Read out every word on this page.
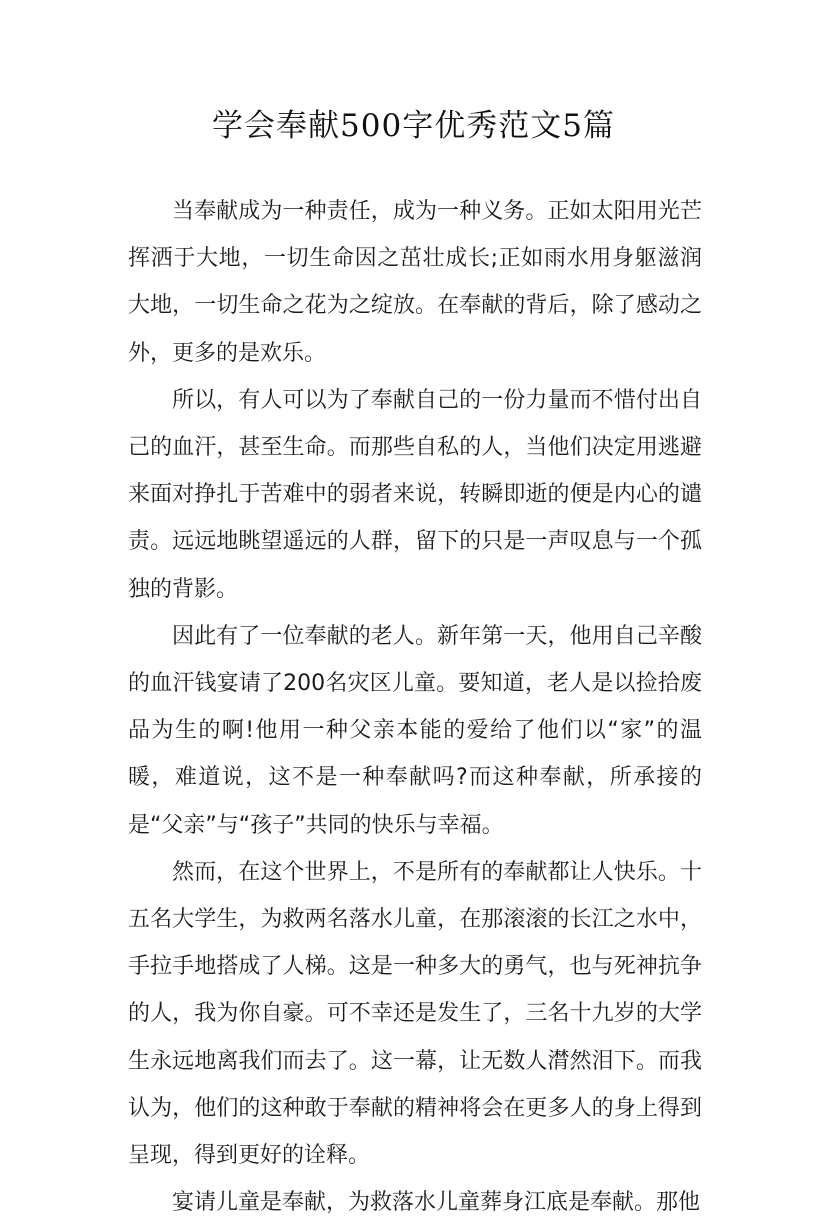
学会奉献500字优秀范文5篇

当奉献成为一种责任，成为一种义务。正如太阳用光芒挥洒于大地，一切生命因之茁壮成长;正如雨水用身躯滋润大地，一切生命之花为之绽放。在奉献的背后，除了感动之外，更多的是欢乐。

所以，有人可以为了奉献自己的一份力量而不惜付出自己的血汗，甚至生命。而那些自私的人，当他们决定用逃避来面对挣扎于苦难中的弱者来说，转瞬即逝的便是内心的谴责。远远地眺望遥远的人群，留下的只是一声叹息与一个孤独的背影。

因此有了一位奉献的老人。新年第一天，他用自己辛酸的血汗钱宴请了200名灾区儿童。要知道，老人是以捡拾废品为生的啊!他用一种父亲本能的爱给了他们以“家”的温暖，难道说，这不是一种奉献吗?而这种奉献，所承接的是“父亲”与“孩子”共同的快乐与幸福。

然而，在这个世界上，不是所有的奉献都让人快乐。十五名大学生，为救两名落水儿童，在那滚滚的长江之水中，手拉手地搭成了人梯。这是一种多大的勇气，也与死神抗争的人，我为你自豪。可不幸还是发生了，三名十九岁的大学生永远地离我们而去了。这一幕，让无数人潸然泪下。而我认为，他们的这种敢于奉献的精神将会在更多人的身上得到呈现，得到更好的诠释。

宴请儿童是奉献，为救落水儿童葬身江底是奉献。那他
